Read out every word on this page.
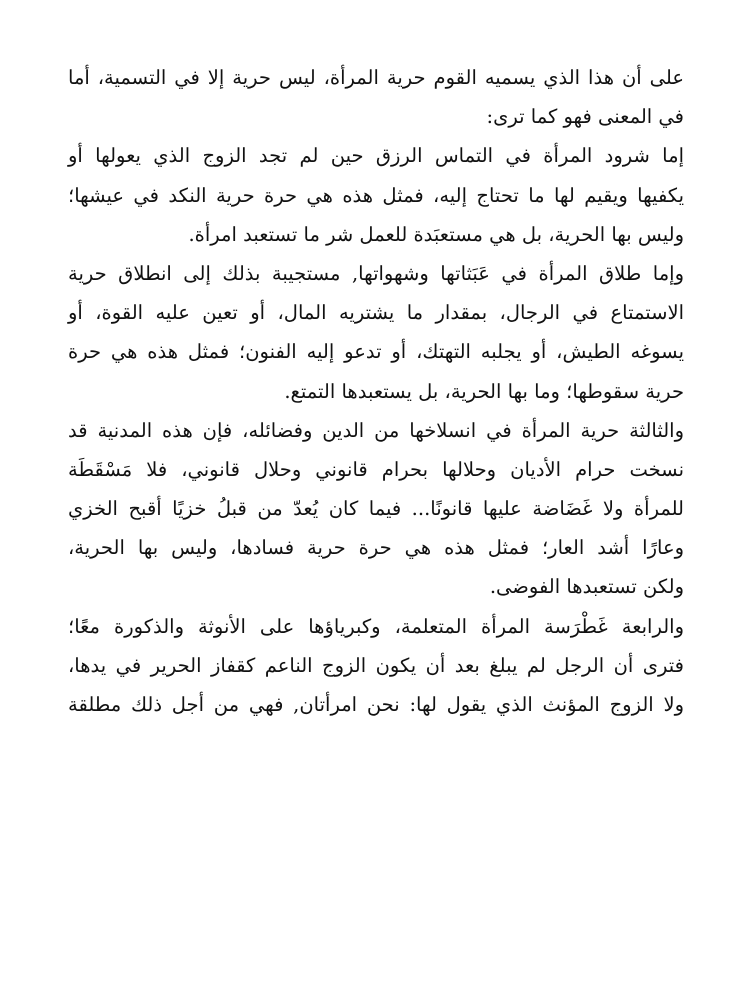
على أن هذا الذي يسميه القوم حرية المرأة، ليس حرية إلا في التسمية، أما
في المعنى فهو كما ترى:
إما شرود المرأة في التماس الرزق حين لم تجد الزوج الذي يعولها أو
يكفيها ويقيم لها ما تحتاج إليه، فمثل هذه هي حرة حرية النكد في عيشها؛
وليس بها الحرية، بل هي مستعبَدة للعمل شر ما تستعبد امرأة.
وإما طلاق المرأة في عَبَثاتها وشهواتها, مستجيبة بذلك إلى انطلاق حرية
الاستمتاع في الرجال، بمقدار ما يشتريه المال، أو تعين عليه القوة، أو
يسوغه الطيش، أو يجلبه التهتك، أو تدعو إليه الفنون؛ فمثل هذه هي حرة
حرية سقوطها؛ وما بها الحرية، بل يستعبدها التمتع.
والثالثة حرية المرأة في انسلاخها من الدين وفضائله، فإن هذه المدنية قد
نسخت حرام الأديان وحلالها بحرام قانوني وحلال قانوني، فلا مَسْقَطَة
للمرأة ولا غَضَاضة عليها قانونًا... فيما كان يُعدّ من قبلُ خزيًا أقبح الخزي
وعارًا أشد العار؛ فمثل هذه هي حرة حرية فسادها، وليس بها الحرية،
ولكن تستعبدها الفوضى.
والرابعة غَطْرَسة المرأة المتعلمة، وكبرياؤها على الأنوثة والذكورة معًا؛
فترى أن الرجل لم يبلغ بعد أن يكون الزوج الناعم كقفاز الحرير في يدها،
ولا الزوج المؤنث الذي يقول لها: نحن امرأتان, فهي من أجل ذلك مطلقة
